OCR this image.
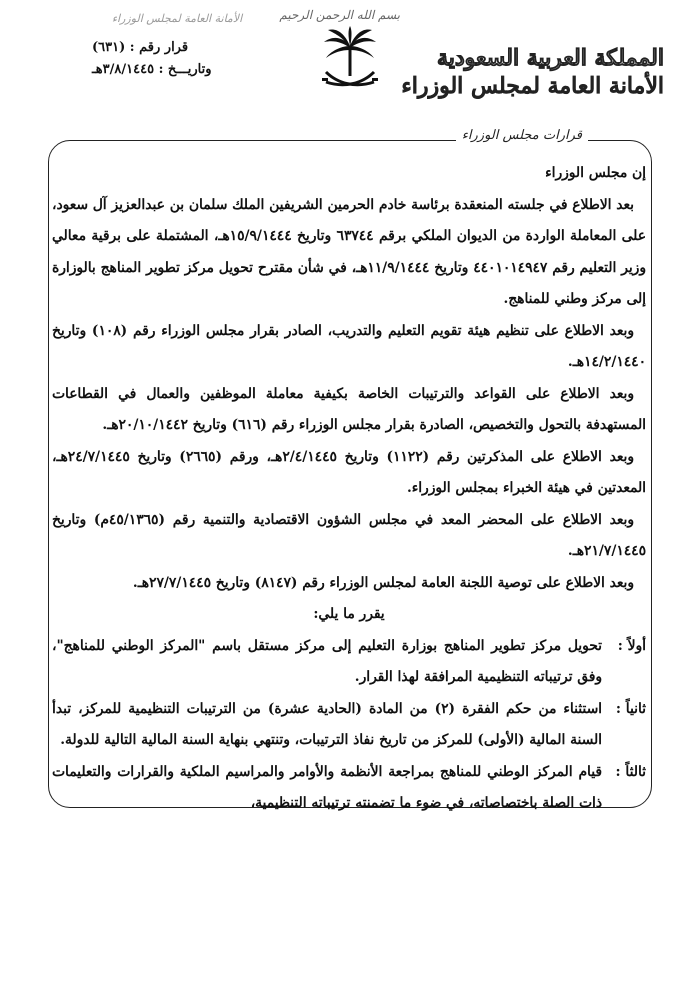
الأمانة العامة لمجلس الوزراء
قرار رقم : (٦٣١)
وتاريـــخ : ٣/٨/١٤٤٥هـ
بسم الله الرحمن الرحيم
المملكة العربية السعودية
الأمانة العامة لمجلس الوزراء
قرارات مجلس الوزراء

إن مجلس الوزراء

بعد الاطلاع في جلسته المنعقدة برئاسة خادم الحرمين الشريفين الملك سلمان بن عبدالعزيز آل سعود، على المعاملة الواردة من الديوان الملكي برقم ٦٣٧٤٤ وتاريخ ١٥/٩/١٤٤٤هـ، المشتملة على برقية معالي وزير التعليم رقم ٤٤٠١٠١٤٩٤٧ وتاريخ ١١/٩/١٤٤٤هـ، في شأن مقترح تحويل مركز تطوير المناهج بالوزارة إلى مركز وطني للمناهج.

وبعد الاطلاع على تنظيم هيئة تقويم التعليم والتدريب، الصادر بقرار مجلس الوزراء رقم (١٠٨) وتاريخ ١٤/٢/١٤٤٠هـ.

وبعد الاطلاع على القواعد والترتيبات الخاصة بكيفية معاملة الموظفين والعمال في القطاعات المستهدفة بالتحول والتخصيص، الصادرة بقرار مجلس الوزراء رقم (٦١٦) وتاريخ ٢٠/١٠/١٤٤٢هـ.

وبعد الاطلاع على المذكرتين رقم (١١٢٢) وتاريخ ٢/٤/١٤٤٥هـ، ورقم (٢٦٦٥) وتاريخ ٢٤/٧/١٤٤٥هـ، المعدتين في هيئة الخبراء بمجلس الوزراء.

وبعد الاطلاع على المحضر المعد في مجلس الشؤون الاقتصادية والتنمية رقم (٤٥/١٣٦٥م) وتاريخ ٢١/٧/١٤٤٥هـ.

وبعد الاطلاع على توصية اللجنة العامة لمجلس الوزراء رقم (٨١٤٧) وتاريخ ٢٧/٧/١٤٤٥هـ.

يقرر ما يلي:

أولاً :
تحويل مركز تطوير المناهج بوزارة التعليم إلى مركز مستقل باسم "المركز الوطني للمناهج"، وفق ترتيباته التنظيمية المرافقة لهذا القرار.
ثانياً :
استثناء من حكم الفقرة (٢) من المادة (الحادية عشرة) من الترتيبات التنظيمية للمركز، تبدأ السنة المالية (الأولى) للمركز من تاريخ نفاذ الترتيبات، وتنتهي بنهاية السنة المالية التالية للدولة.
ثالثاً :
قيام المركز الوطني للمناهج بمراجعة الأنظمة والأوامر والمراسيم الملكية والقرارات والتعليمات ذات الصلة باختصاصاته، في ضوء ما تضمنته ترتيباته التنظيمية،
